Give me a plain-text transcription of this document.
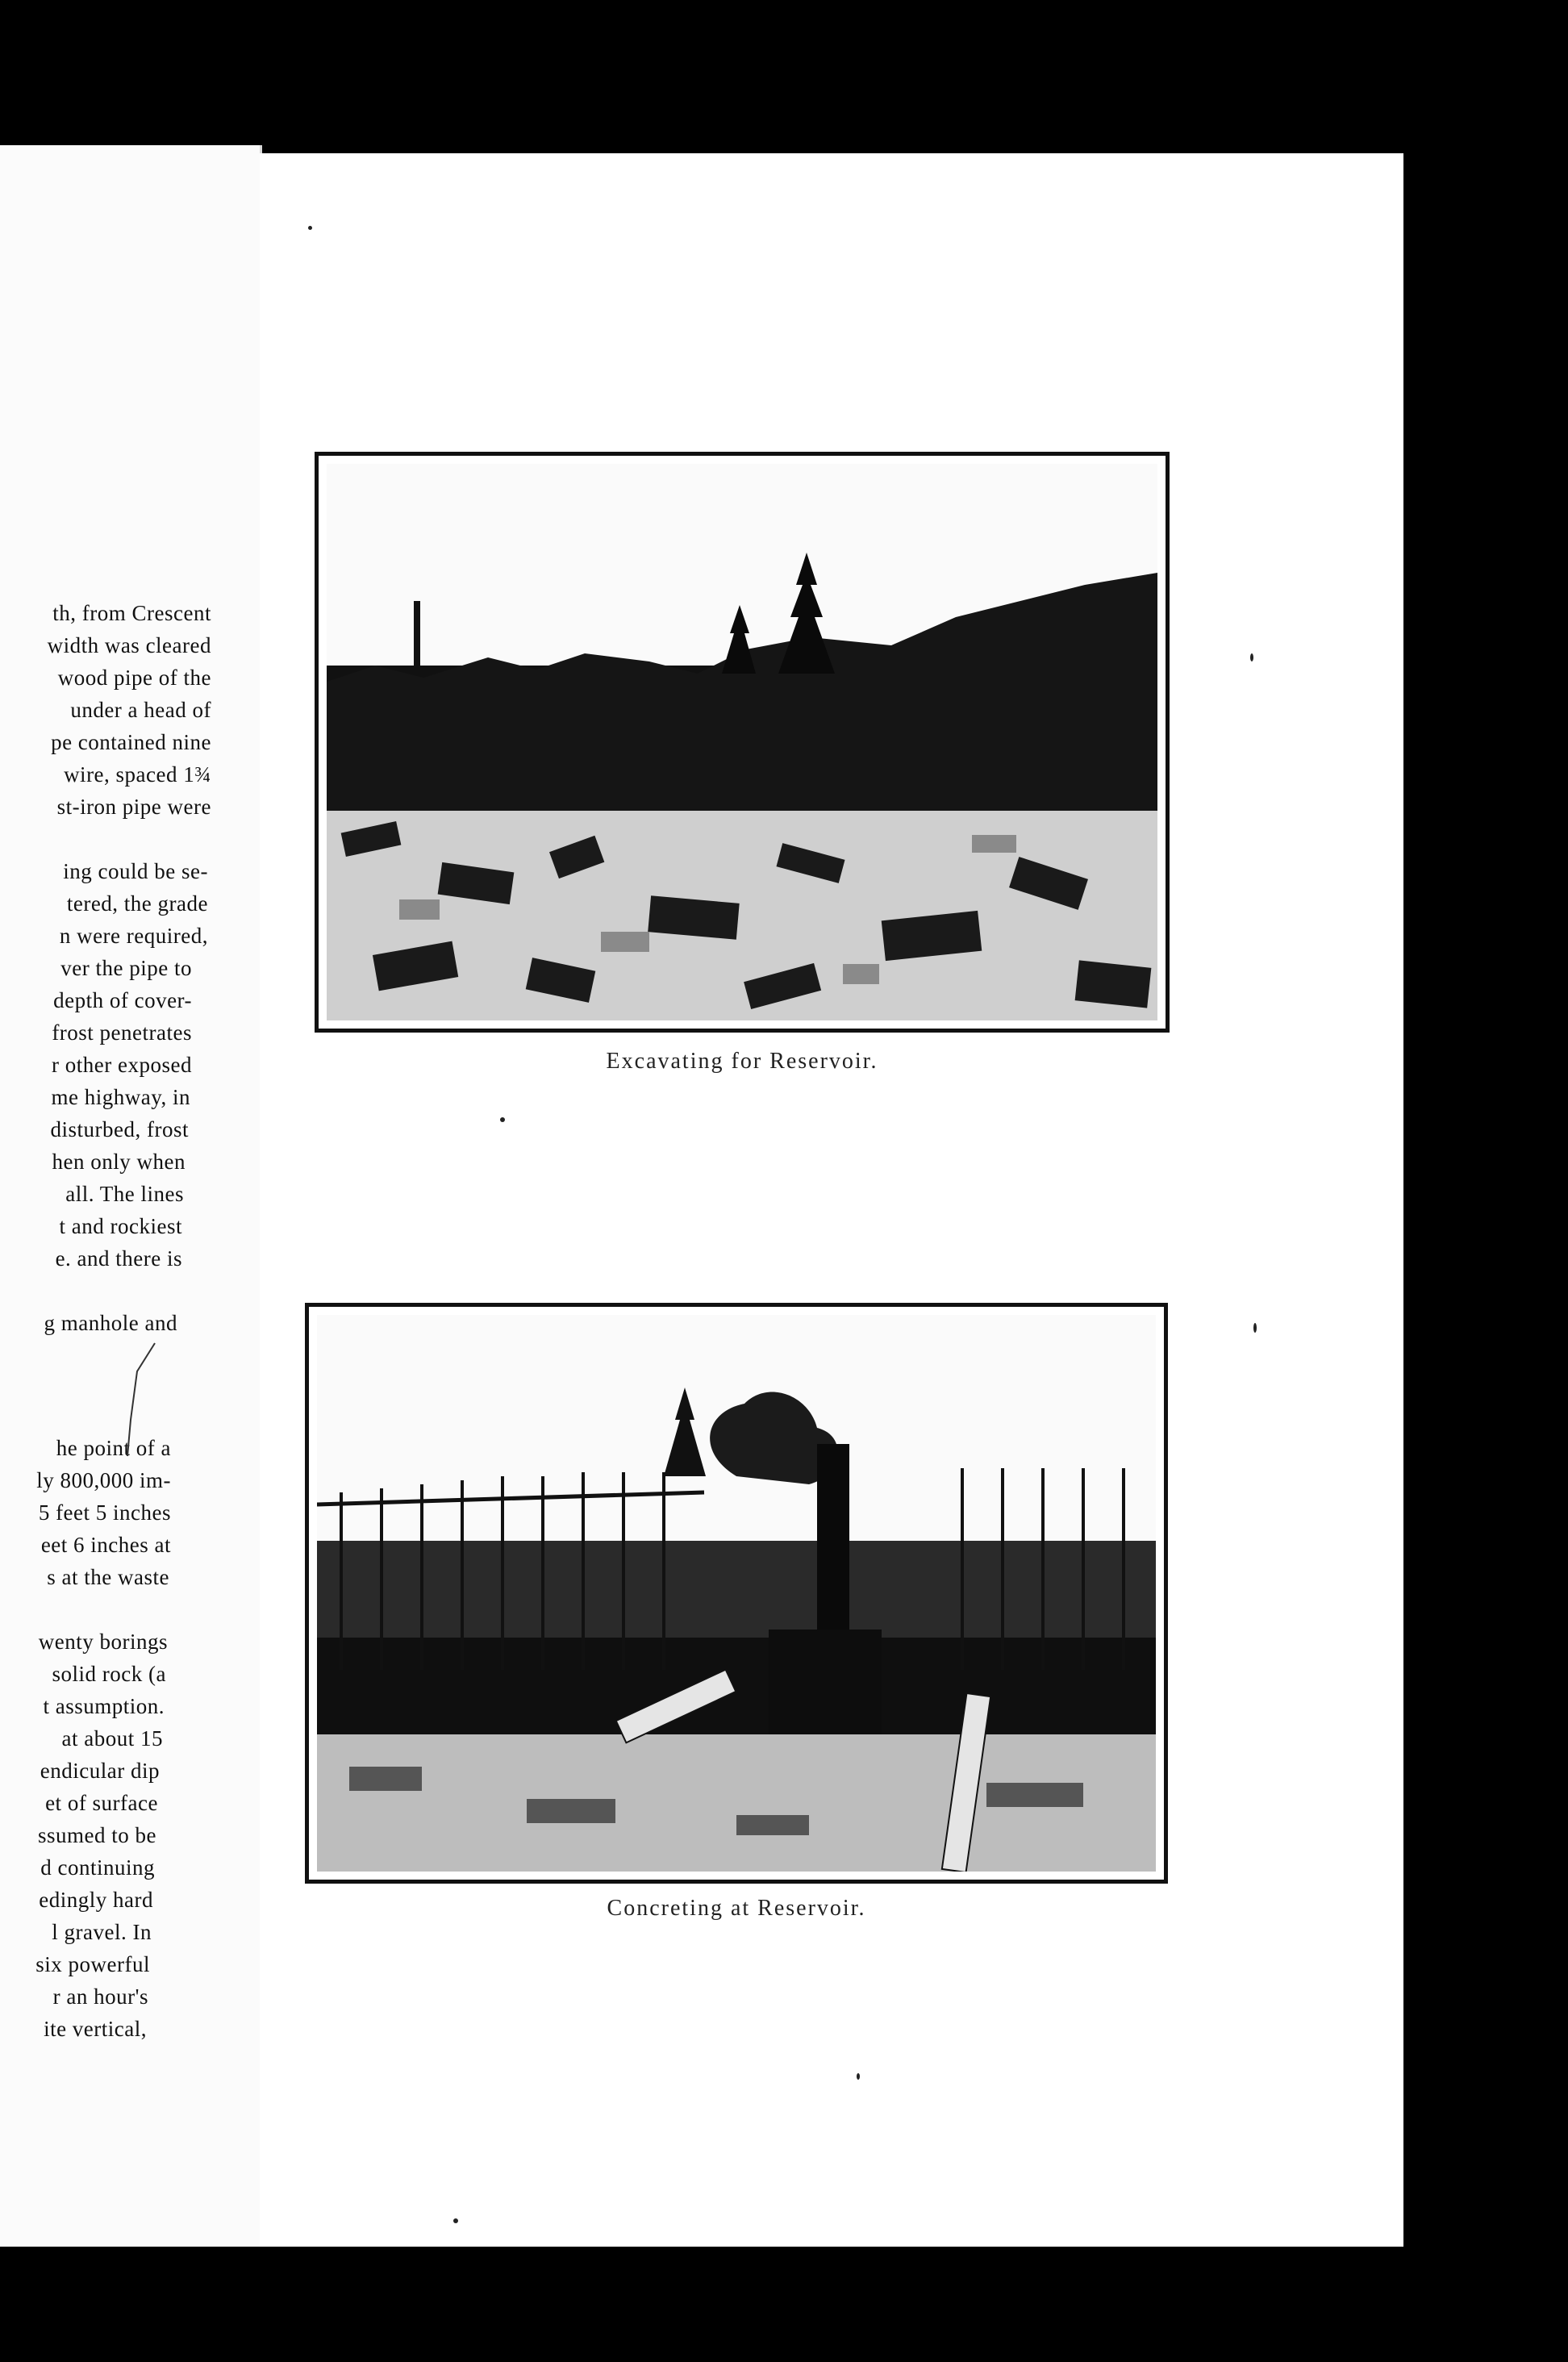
th, from Crescent
width was cleared
wood pipe of the
under a head of
pe contained nine
wire, spaced 1¾
st-iron pipe were
ing could be se-
tered, the grade
n were required,
ver the pipe to
depth of cover-
frost penetrates
r other exposed
me highway, in
disturbed, frost
hen only when
all. The lines
t and rockiest
e. and there is
g manhole and
he point of a
ly 800,000 im-
5 feet 5 inches
eet 6 inches at
s at the waste
wenty borings
solid rock (a
t assumption.
at about 15
endicular dip
et of surface
ssumed to be
d continuing
edingly hard
l gravel. In
six powerful
r an hour's
ite vertical,
Excavating for Reservoir.
Concreting at Reservoir.
